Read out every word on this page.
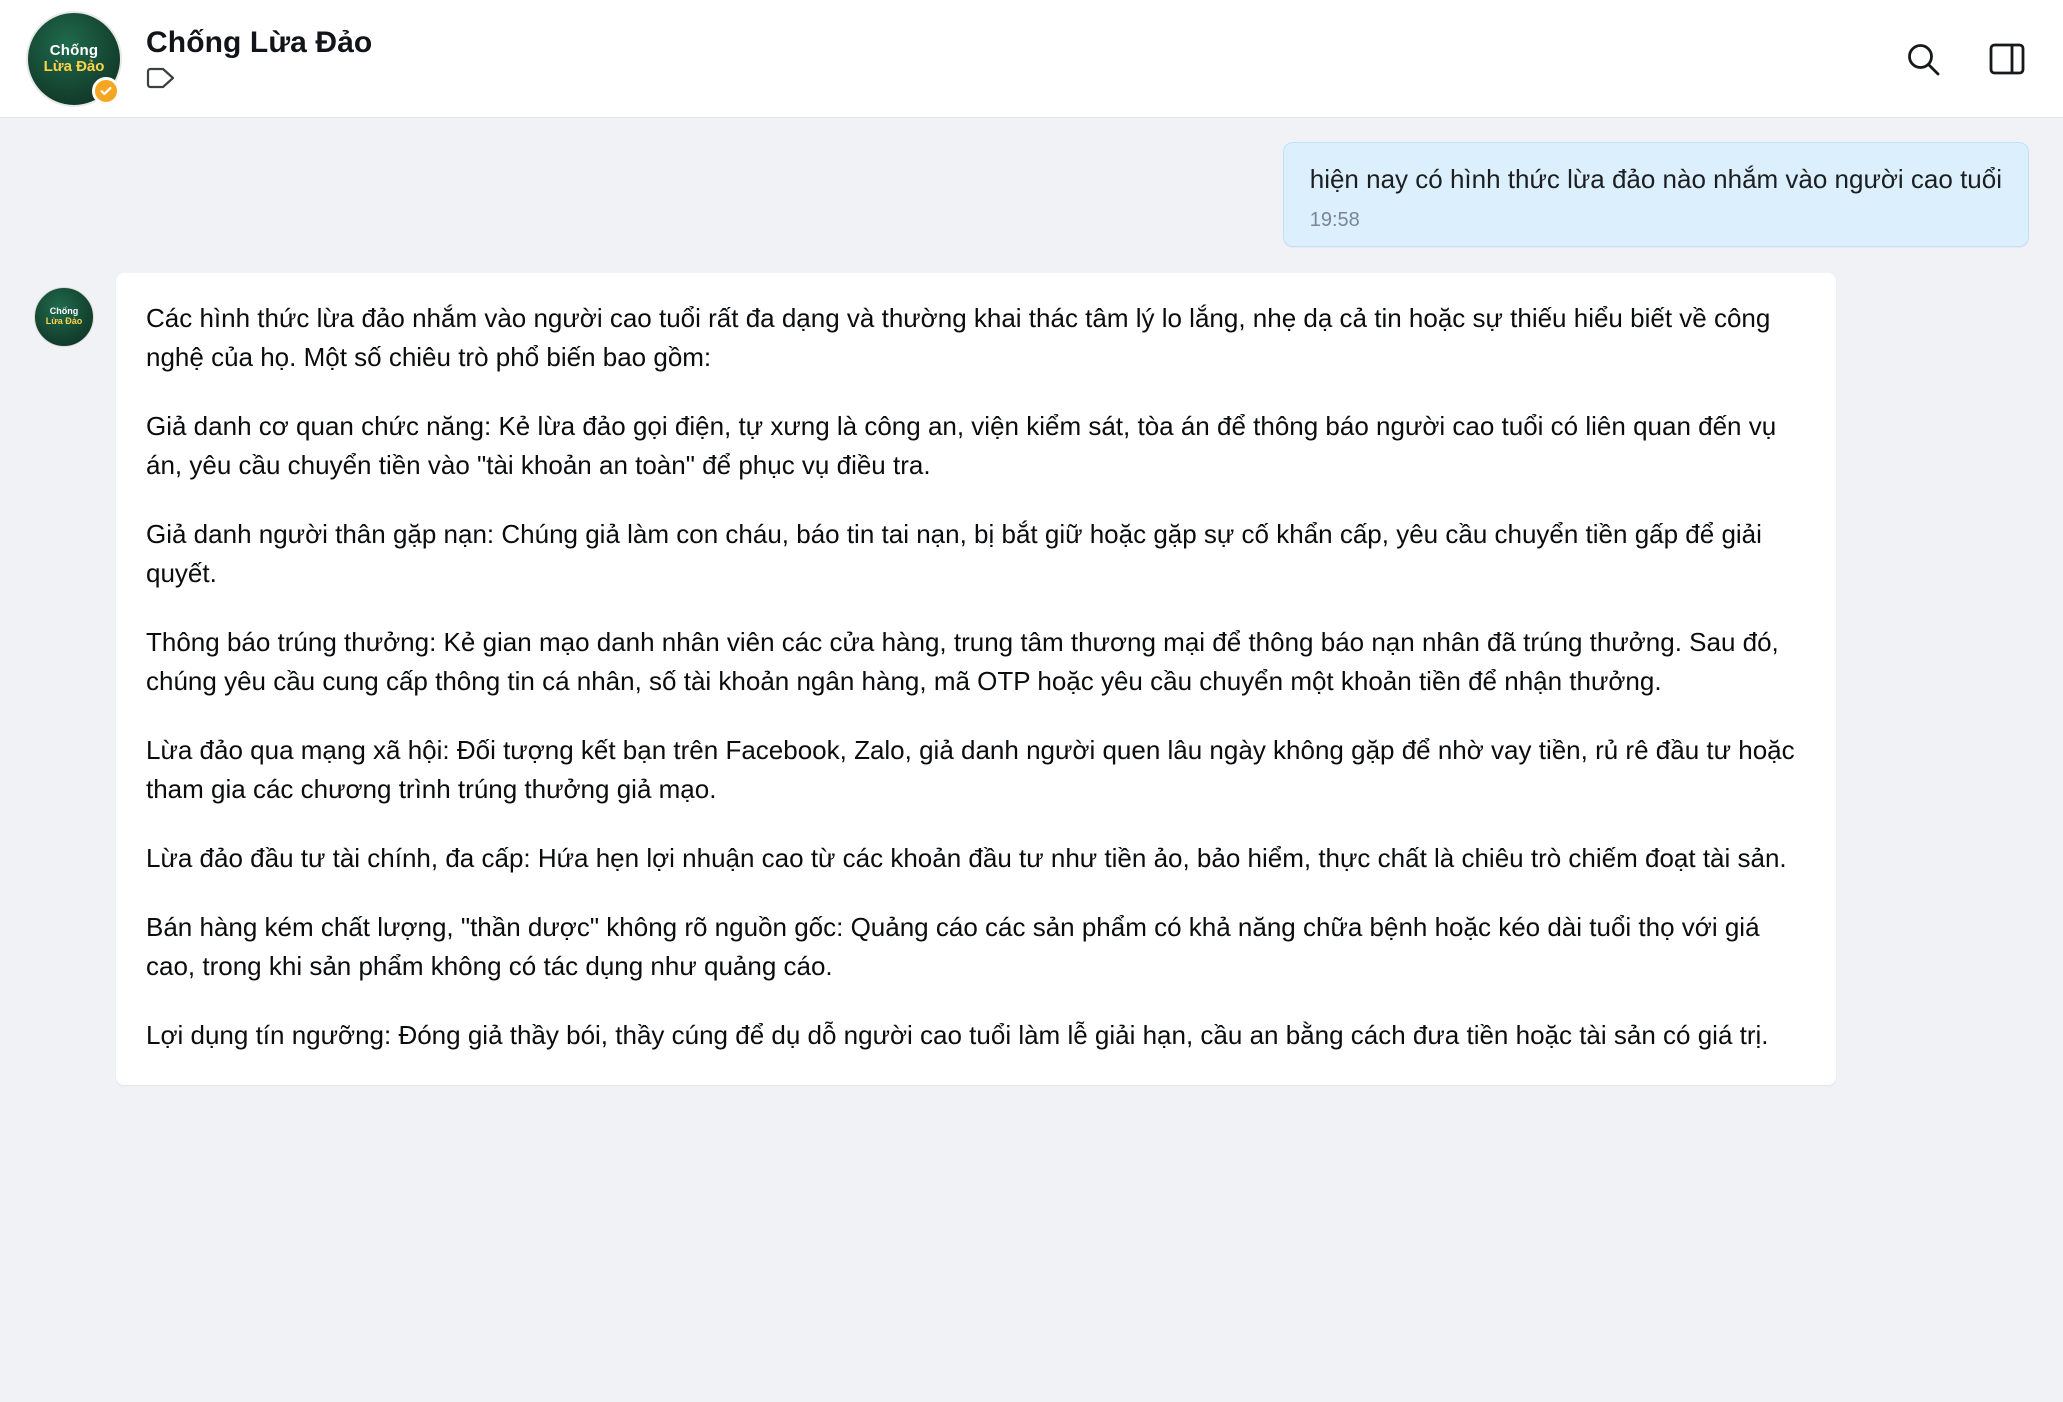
Chống
Lừa Đảo
Chống Lừa Đảo
hiện nay có hình thức lừa đảo nào nhắm vào người cao tuổi
19:58
Chống
Lừa Đảo Các hình thức lừa đảo nhắm vào người cao tuổi rất đa dạng và thường khai thác tâm lý lo lắng, nhẹ dạ cả tin hoặc sự thiếu hiểu biết về công nghệ của họ. Một số chiêu trò phổ biến bao gồm:

Giả danh cơ quan chức năng: Kẻ lừa đảo gọi điện, tự xưng là công an, viện kiểm sát, tòa án để thông báo người cao tuổi có liên quan đến vụ án, yêu cầu chuyển tiền vào "tài khoản an toàn" để phục vụ điều tra.

Giả danh người thân gặp nạn: Chúng giả làm con cháu, báo tin tai nạn, bị bắt giữ hoặc gặp sự cố khẩn cấp, yêu cầu chuyển tiền gấp để giải quyết.

Thông báo trúng thưởng: Kẻ gian mạo danh nhân viên các cửa hàng, trung tâm thương mại để thông báo nạn nhân đã trúng thưởng. Sau đó, chúng yêu cầu cung cấp thông tin cá nhân, số tài khoản ngân hàng, mã OTP hoặc yêu cầu chuyển một khoản tiền để nhận thưởng.

Lừa đảo qua mạng xã hội: Đối tượng kết bạn trên Facebook, Zalo, giả danh người quen lâu ngày không gặp để nhờ vay tiền, rủ rê đầu tư hoặc tham gia các chương trình trúng thưởng giả mạo.

Lừa đảo đầu tư tài chính, đa cấp: Hứa hẹn lợi nhuận cao từ các khoản đầu tư như tiền ảo, bảo hiểm, thực chất là chiêu trò chiếm đoạt tài sản.

Bán hàng kém chất lượng, "thần dược" không rõ nguồn gốc: Quảng cáo các sản phẩm có khả năng chữa bệnh hoặc kéo dài tuổi thọ với giá cao, trong khi sản phẩm không có tác dụng như quảng cáo.

Lợi dụng tín ngưỡng: Đóng giả thầy bói, thầy cúng để dụ dỗ người cao tuổi làm lễ giải hạn, cầu an bằng cách đưa tiền hoặc tài sản có giá trị.
